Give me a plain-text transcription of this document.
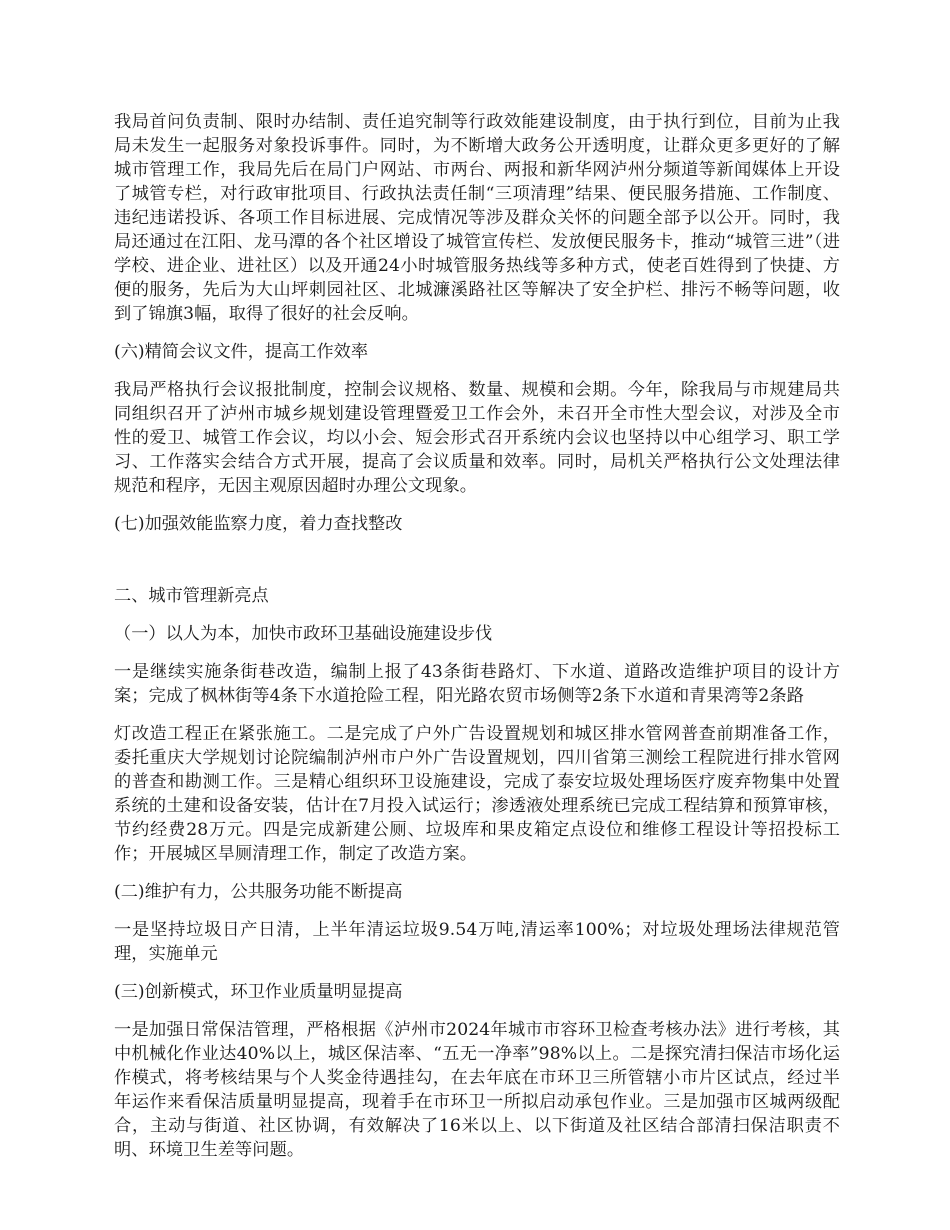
我局首问负责制、限时办结制、责任追究制等行政效能建设制度，由于执行到位，目前为止我局未发生一起服务对象投诉事件。同时，为不断增大政务公开透明度，让群众更多更好的了解城市管理工作，我局先后在局门户网站、市两台、两报和新华网泸州分频道等新闻媒体上开设了城管专栏，对行政审批项目、行政执法责任制“三项清理”结果、便民服务措施、工作制度、违纪违诺投诉、各项工作目标进展、完成情况等涉及群众关怀的问题全部予以公开。同时，我局还通过在江阳、龙马潭的各个社区增设了城管宣传栏、发放便民服务卡，推动“城管三进”（进学校、进企业、进社区）以及开通24小时城管服务热线等多种方式，使老百姓得到了快捷、方便的服务，先后为大山坪刺园社区、北城濂溪路社区等解决了安全护栏、排污不畅等问题，收到了锦旗3幅，取得了很好的社会反响。

(六)精简会议文件，提高工作效率

我局严格执行会议报批制度，控制会议规格、数量、规模和会期。今年，除我局与市规建局共同组织召开了泸州市城乡规划建设管理暨爱卫工作会外，未召开全市性大型会议，对涉及全市性的爱卫、城管工作会议，均以小会、短会形式召开系统内会议也坚持以中心组学习、职工学习、工作落实会结合方式开展，提高了会议质量和效率。同时，局机关严格执行公文处理法律规范和程序，无因主观原因超时办理公文现象。

(七)加强效能监察力度，着力查找整改

二、城市管理新亮点

（一）以人为本，加快市政环卫基础设施建设步伐

一是继续实施条街巷改造，编制上报了43条街巷路灯、下水道、道路改造维护项目的设计方案；完成了枫林街等4条下水道抢险工程，阳光路农贸市场侧等2条下水道和青果湾等2条路

灯改造工程正在紧张施工。二是完成了户外广告设置规划和城区排水管网普查前期准备工作，委托重庆大学规划讨论院编制泸州市户外广告设置规划，四川省第三测绘工程院进行排水管网的普查和勘测工作。三是精心组织环卫设施建设，完成了泰安垃圾处理场医疗废弃物集中处置系统的土建和设备安装，估计在7月投入试运行；渗透液处理系统已完成工程结算和预算审核，节约经费28万元。四是完成新建公厕、垃圾库和果皮箱定点设位和维修工程设计等招投标工作；开展城区旱厕清理工作，制定了改造方案。

(二)维护有力，公共服务功能不断提高

一是坚持垃圾日产日清，上半年清运垃圾9.54万吨,清运率100%；对垃圾处理场法律规范管理，实施单元

(三)创新模式，环卫作业质量明显提高

一是加强日常保洁管理，严格根据《泸州市2024年城市市容环卫检查考核办法》进行考核，其中机械化作业达40%以上，城区保洁率、“五无一净率”98%以上。二是探究清扫保洁市场化运作模式，将考核结果与个人奖金待遇挂勾，在去年底在市环卫三所管辖小市片区试点，经过半年运作来看保洁质量明显提高，现着手在市环卫一所拟启动承包作业。三是加强市区城两级配合，主动与街道、社区协调，有效解决了16米以上、以下街道及社区结合部清扫保洁职责不明、环境卫生差等问题。
